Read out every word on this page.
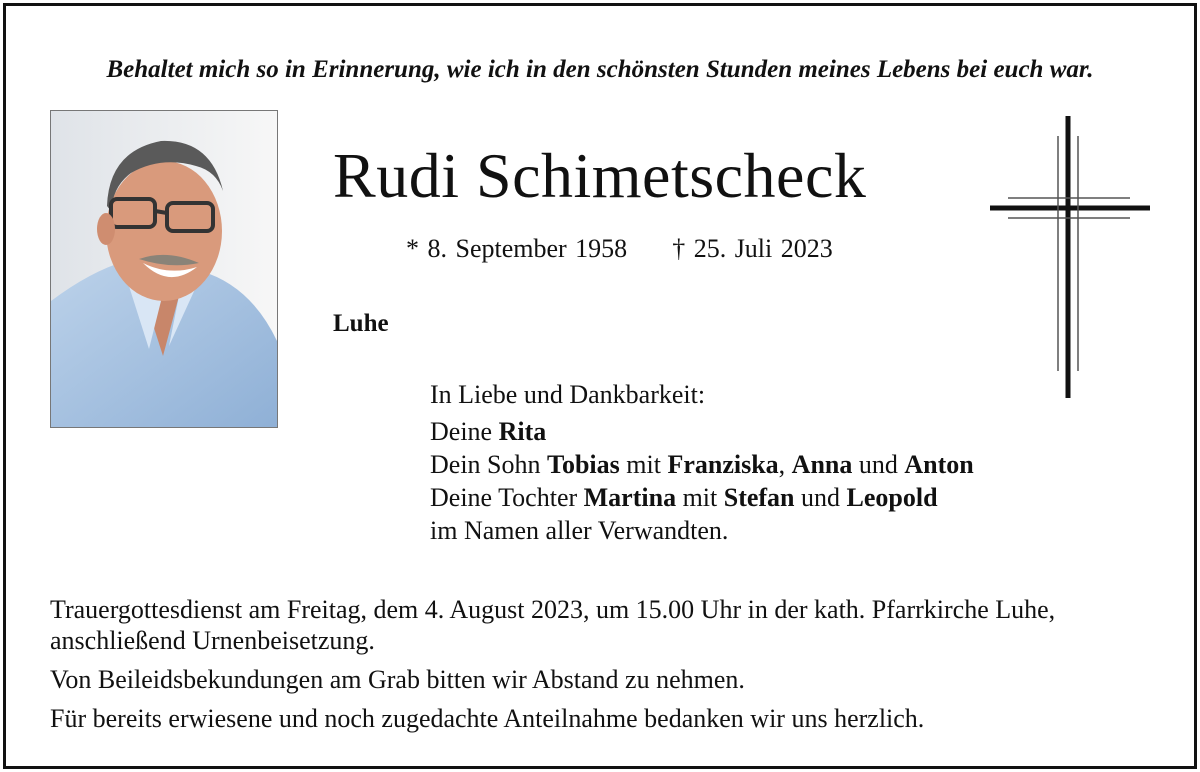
Behaltet mich so in Erinnerung, wie ich in den schönsten Stunden meines Lebens bei euch war.
Rudi Schimetscheck
* 8. September 1958 † 25. Juli 2023
Luhe
In Liebe und Dankbarkeit:
Deine Rita
Dein Sohn Tobias mit Franziska, Anna und Anton
Deine Tochter Martina mit Stefan und Leopold
im Namen aller Verwandten.

Trauergottesdienst am Freitag, dem 4. August 2023, um 15.00 Uhr in der kath. Pfarrkirche Luhe, anschließend Urnenbeisetzung.

Von Beileidsbekundungen am Grab bitten wir Abstand zu nehmen.

Für bereits erwiesene und noch zugedachte Anteilnahme bedanken wir uns herzlich.
